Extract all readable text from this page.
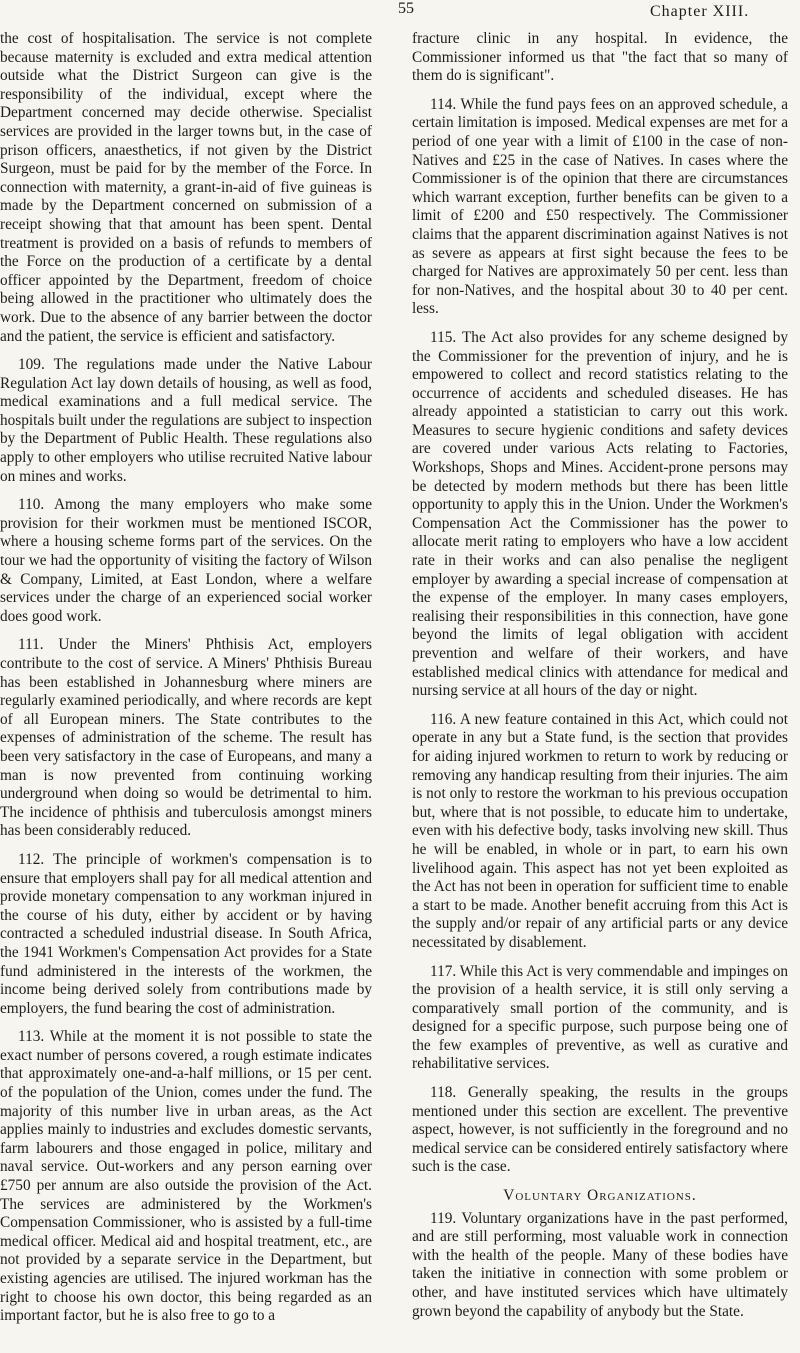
55	Chapter XIII.

the cost of hospitalisation. The service is not complete because maternity is excluded and extra medical attention outside what the District Surgeon can give is the responsibility of the individual, except where the Department concerned may decide otherwise. Specialist services are provided in the larger towns but, in the case of prison officers, anaesthetics, if not given by the District Surgeon, must be paid for by the member of the Force. In connection with maternity, a grant-in-aid of five guineas is made by the Department concerned on submission of a receipt showing that that amount has been spent. Dental treatment is provided on a basis of refunds to members of the Force on the production of a certificate by a dental officer appointed by the Department, freedom of choice being allowed in the practitioner who ultimately does the work. Due to the absence of any barrier between the doctor and the patient, the service is efficient and satisfactory.

109. The regulations made under the Native Labour Regulation Act lay down details of housing, as well as food, medical examinations and a full medical service. The hospitals built under the regulations are subject to inspection by the Department of Public Health. These regulations also apply to other employers who utilise recruited Native labour on mines and works.

110. Among the many employers who make some provision for their workmen must be mentioned ISCOR, where a housing scheme forms part of the services. On the tour we had the opportunity of visiting the factory of Wilson & Company, Limited, at East London, where a welfare services under the charge of an experienced social worker does good work.

111. Under the Miners' Phthisis Act, employers contribute to the cost of service. A Miners' Phthisis Bureau has been established in Johannesburg where miners are regularly examined periodically, and where records are kept of all European miners. The State contributes to the expenses of administration of the scheme. The result has been very satisfactory in the case of Europeans, and many a man is now prevented from continuing working underground when doing so would be detrimental to him. The incidence of phthisis and tuberculosis amongst miners has been considerably reduced.

112. The principle of workmen's compensation is to ensure that employers shall pay for all medical attention and provide monetary compensation to any workman injured in the course of his duty, either by accident or by having contracted a scheduled industrial disease. In South Africa, the 1941 Workmen's Compensation Act provides for a State fund administered in the interests of the workmen, the income being derived solely from contributions made by employers, the fund bearing the cost of administration.

113. While at the moment it is not possible to state the exact number of persons covered, a rough estimate indicates that approximately one-and-a-half millions, or 15 per cent. of the population of the Union, comes under the fund. The majority of this number live in urban areas, as the Act applies mainly to industries and excludes domestic servants, farm labourers and those engaged in police, military and naval service. Out-workers and any person earning over £750 per annum are also outside the provision of the Act. The services are administered by the Workmen's Compensation Commissioner, who is assisted by a full-time medical officer. Medical aid and hospital treatment, etc., are not provided by a separate service in the Department, but existing agencies are utilised. The injured workman has the right to choose his own doctor, this being regarded as an important factor, but he is also free to go to a

fracture clinic in any hospital. In evidence, the Commissioner informed us that "the fact that so many of them do is significant".

114. While the fund pays fees on an approved schedule, a certain limitation is imposed. Medical expenses are met for a period of one year with a limit of £100 in the case of non-Natives and £25 in the case of Natives. In cases where the Commissioner is of the opinion that there are circumstances which warrant exception, further benefits can be given to a limit of £200 and £50 respectively. The Commissioner claims that the apparent discrimination against Natives is not as severe as appears at first sight because the fees to be charged for Natives are approximately 50 per cent. less than for non-Natives, and the hospital about 30 to 40 per cent. less.

115. The Act also provides for any scheme designed by the Commissioner for the prevention of injury, and he is empowered to collect and record statistics relating to the occurrence of accidents and scheduled diseases. He has already appointed a statistician to carry out this work. Measures to secure hygienic conditions and safety devices are covered under various Acts relating to Factories, Workshops, Shops and Mines. Accident-prone persons may be detected by modern methods but there has been little opportunity to apply this in the Union. Under the Workmen's Compensation Act the Commissioner has the power to allocate merit rating to employers who have a low accident rate in their works and can also penalise the negligent employer by awarding a special increase of compensation at the expense of the employer. In many cases employers, realising their responsibilities in this connection, have gone beyond the limits of legal obligation with accident prevention and welfare of their workers, and have established medical clinics with attendance for medical and nursing service at all hours of the day or night.

116. A new feature contained in this Act, which could not operate in any but a State fund, is the section that provides for aiding injured workmen to return to work by reducing or removing any handicap resulting from their injuries. The aim is not only to restore the workman to his previous occupation but, where that is not possible, to educate him to undertake, even with his defective body, tasks involving new skill. Thus he will be enabled, in whole or in part, to earn his own livelihood again. This aspect has not yet been exploited as the Act has not been in operation for sufficient time to enable a start to be made. Another benefit accruing from this Act is the supply and/or repair of any artificial parts or any device necessitated by disablement.

117. While this Act is very commendable and impinges on the provision of a health service, it is still only serving a comparatively small portion of the community, and is designed for a specific purpose, such purpose being one of the few examples of preventive, as well as curative and rehabilitative services.

118. Generally speaking, the results in the groups mentioned under this section are excellent. The preventive aspect, however, is not sufficiently in the foreground and no medical service can be considered entirely satisfactory where such is the case.

Voluntary Organizations.

119. Voluntary organizations have in the past performed, and are still performing, most valuable work in connection with the health of the people. Many of these bodies have taken the initiative in connection with some problem or other, and have instituted services which have ultimately grown beyond the capability of anybody but the State.
